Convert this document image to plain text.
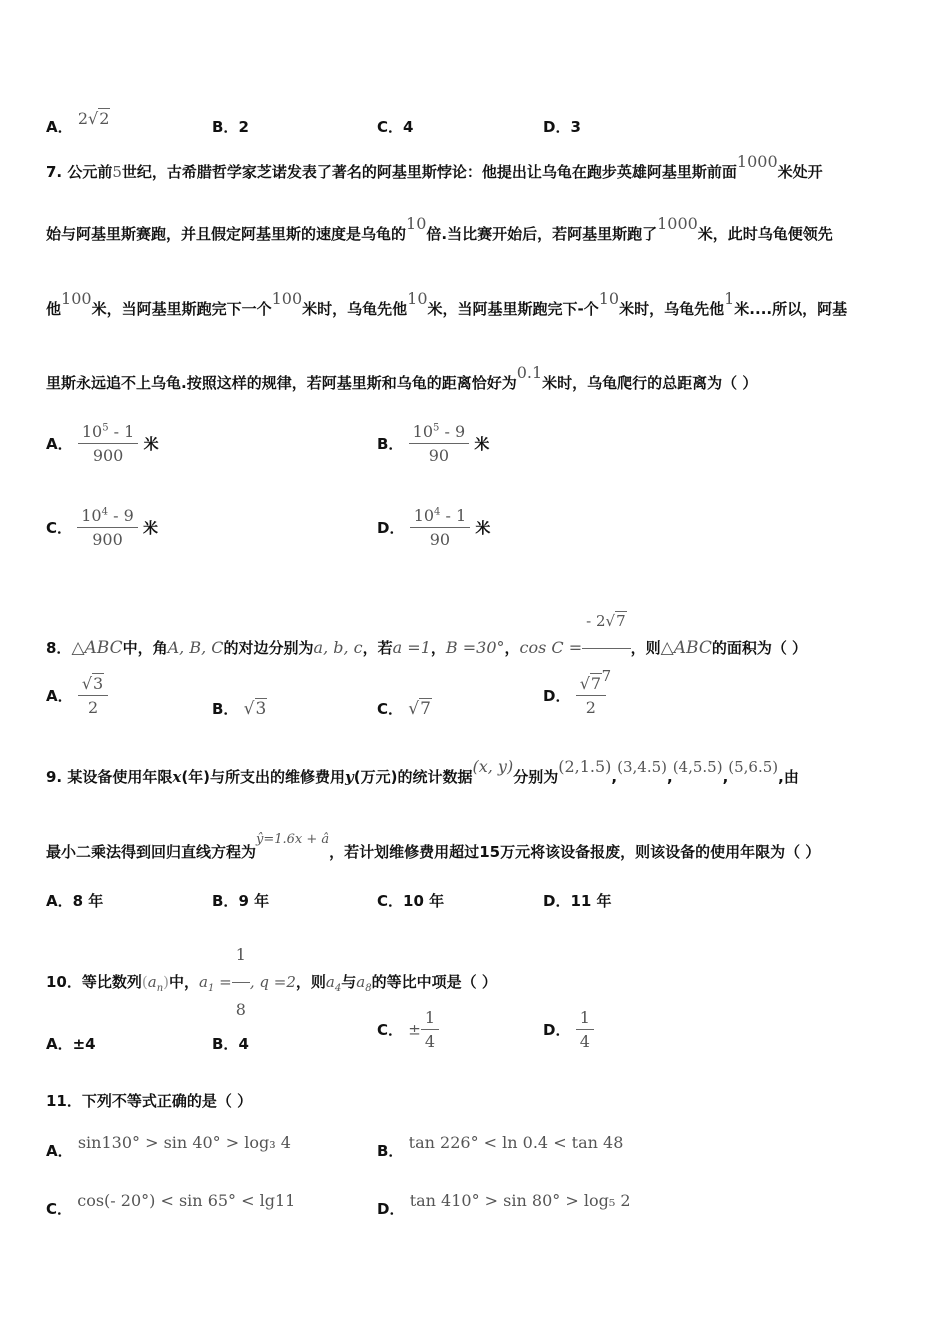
A． 2√2	B．2	C．4	D．3
7. 公元前5世纪，古希腊哲学家芝诺发表了著名的阿基里斯悖论：他提出让乌龟在跑步英雄阿基里斯前面1000米处开
始与阿基里斯赛跑，并且假定阿基里斯的速度是乌龟的10倍.当比赛开始后，若阿基里斯跑了1000米，此时乌龟便领先
他100米，当阿基里斯跑完下一个100米时，乌龟先他10米，当阿基里斯跑完下-个10米时，乌龟先他1米....所以，阿基
里斯永远追不上乌龟.按照这样的规律，若阿基里斯和乌龟的距离恰好为0.1米时，乌龟爬行的总距离为（ ）
A． $\frac{10^5 - 1}{900}$ 米	B． $\frac{10^5 - 9}{90}$ 米
C． $\frac{10^4 - 9}{900}$ 米	D． $\frac{10^4 - 1}{90}$ 米
8．△ABC中，角A, B, C的对边分别为a, b, c，若a =1，B =30°，$\cos C = \frac{- 2√7}{7}$ ，则△ABC的面积为（ ）
A． $\frac{√3}{2}$	B． √3	C． √7
D． $\frac{√7}{2}$
9. 某设备使用年限x(年)与所支出的维修费用y(万元)的统计数据(x, y)分别为(2,1.5),(3,4.5),(4,5.5),(5,6.5),由
最小二乘法得到回归直线方程为ŷ=1.6x + â，若计划维修费用超过15万元将该设备报废，则该设备的使用年限为（ ）
A．8 年	B．9 年	C．10 年	D．11 年
10．等比数列$(a_n)$中，$a_1 = \frac{1}{8}$ , q =2，则$a_4$与$a_8$的等比中项是（ ）
A．±4	B．4
C． ± $\frac{1}{4}$	D． $\frac{1}{4}$
11．下列不等式正确的是（ ）
A． sin130° > sin 40° > log₃ 4	B． tan 226° < ln 0.4 < tan 48
C． cos(- 20°) < sin 65° < lg11	D． tan 410° > sin 80° > log₅ 2
